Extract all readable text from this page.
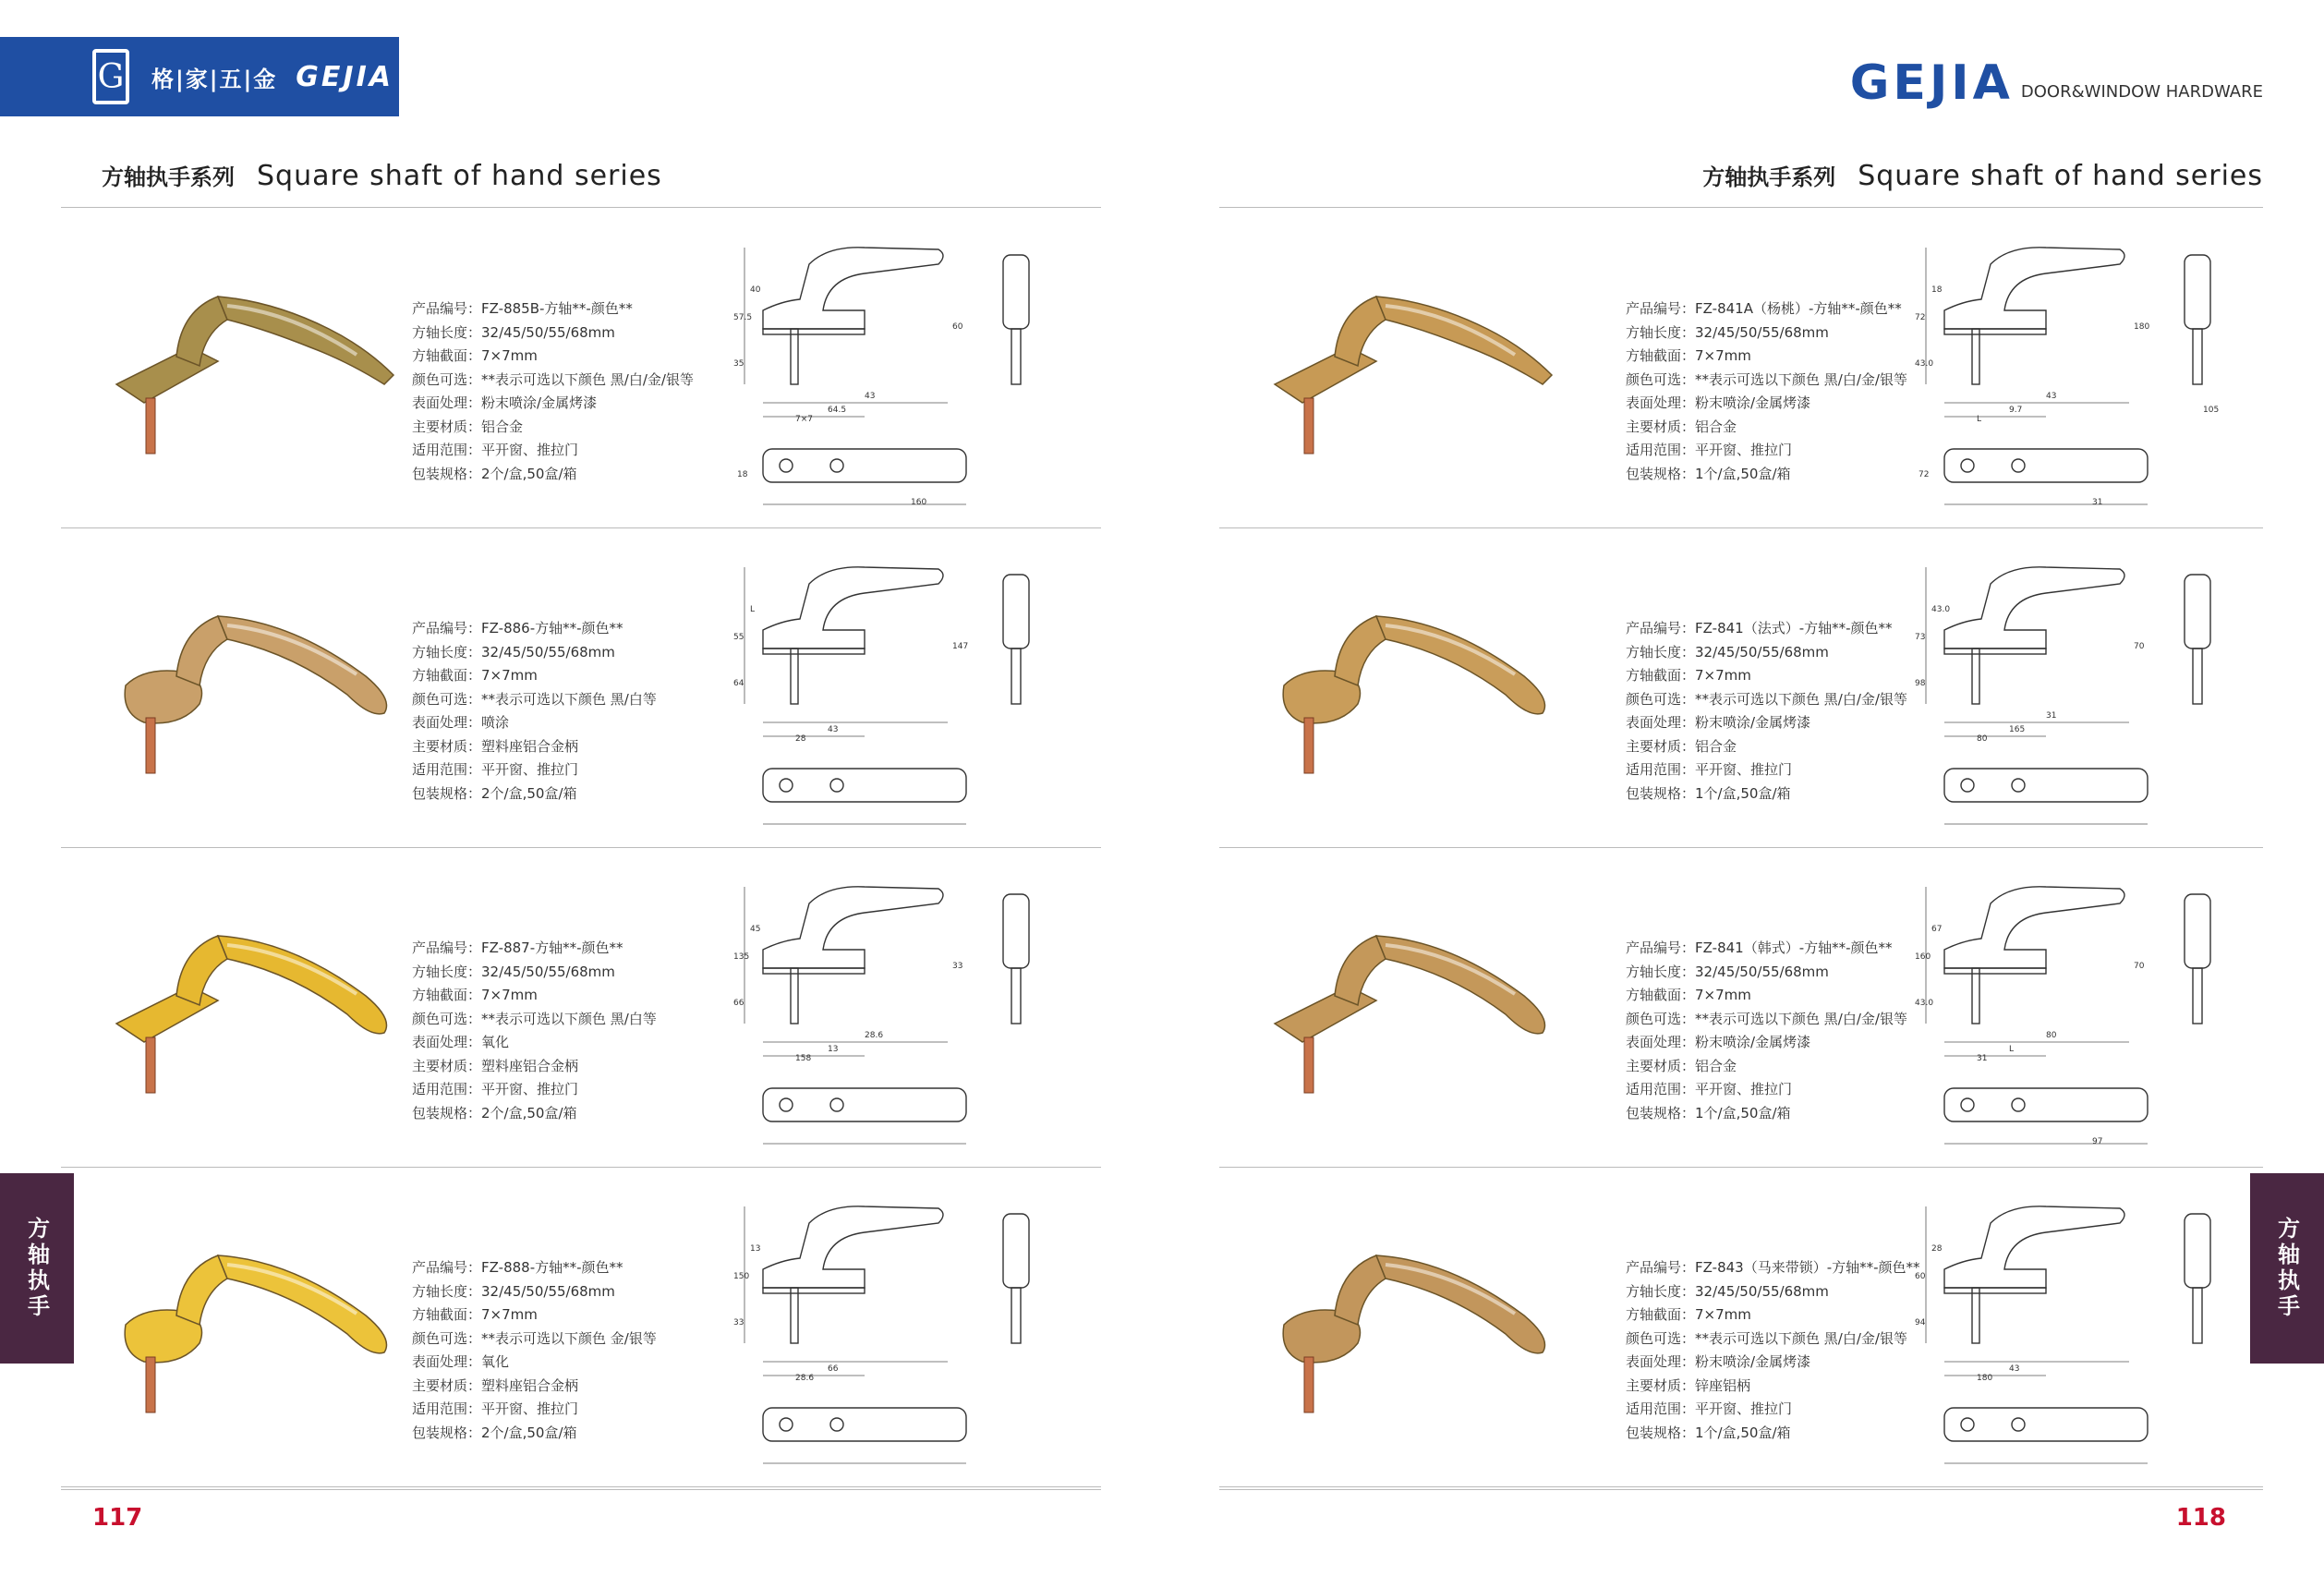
G 格|家|五|金 GEJIA
方轴执手系列 Square shaft of hand series
方轴执手
117
产品编号： FZ-885B-方轴**-颜色**
方轴长度： 32/45/50/55/68mm
方轴截面： 7×7mm
颜色可选： **表示可选以下颜色 黑/白/金/银等
表面处理： 粉末喷涂/金属烤漆
主要材质： 铝合金
适用范围： 平开窗、推拉门
包装规格： 2个/盒,50盒/箱
57.5
40
64.5
35
7×7
60
43
160
18
产品编号： FZ-886-方轴**-颜色**
方轴长度： 32/45/50/55/68mm
方轴截面： 7×7mm
颜色可选： **表示可选以下颜色 黑/白等
表面处理： 喷涂
主要材质： 塑料座铝合金柄
适用范围： 平开窗、推拉门
包装规格： 2个/盒,50盒/箱
55
L
43
64
28
147
产品编号： FZ-887-方轴**-颜色**
方轴长度： 32/45/50/55/68mm
方轴截面： 7×7mm
颜色可选： **表示可选以下颜色 黑/白等
表面处理： 氧化
主要材质： 塑料座铝合金柄
适用范围： 平开窗、推拉门
包装规格： 2个/盒,50盒/箱
135
45
13
66
158
33
28.6
产品编号： FZ-888-方轴**-颜色**
方轴长度： 32/45/50/55/68mm
方轴截面： 7×7mm
颜色可选： **表示可选以下颜色 金/银等
表面处理： 氧化
主要材质： 塑料座铝合金柄
适用范围： 平开窗、推拉门
包装规格： 2个/盒,50盒/箱
150
13
66
33
28.6
GEJIA DOOR&WINDOW HARDWARE
方轴执手系列 Square shaft of hand series
方轴执手
118
产品编号： FZ-841A（杨桃）-方轴**-颜色**
方轴长度： 32/45/50/55/68mm
方轴截面： 7×7mm
颜色可选： **表示可选以下颜色 黑/白/金/银等
表面处理： 粉末喷涂/金属烤漆
主要材质： 铝合金
适用范围： 平开窗、推拉门
包装规格： 1个/盒,50盒/箱
72
18
9.7
43.0
L
180
43
31
72
105
产品编号： FZ-841（法式）-方轴**-颜色**
方轴长度： 32/45/50/55/68mm
方轴截面： 7×7mm
颜色可选： **表示可选以下颜色 黑/白/金/银等
表面处理： 粉末喷涂/金属烤漆
主要材质： 铝合金
适用范围： 平开窗、推拉门
包装规格： 1个/盒,50盒/箱
73
43.0
165
98
80
70
31
产品编号： FZ-841（韩式）-方轴**-颜色**
方轴长度： 32/45/50/55/68mm
方轴截面： 7×7mm
颜色可选： **表示可选以下颜色 黑/白/金/银等
表面处理： 粉末喷涂/金属烤漆
主要材质： 铝合金
适用范围： 平开窗、推拉门
包装规格： 1个/盒,50盒/箱
160
67
L
43.0
31
70
80
97
产品编号： FZ-843（马来带锁）-方轴**-颜色**
方轴长度： 32/45/50/55/68mm
方轴截面： 7×7mm
颜色可选： **表示可选以下颜色 黑/白/金/银等
表面处理： 粉末喷涂/金属烤漆
主要材质： 锌座铝柄
适用范围： 平开窗、推拉门
包装规格： 1个/盒,50盒/箱
60
28
43
94
180
